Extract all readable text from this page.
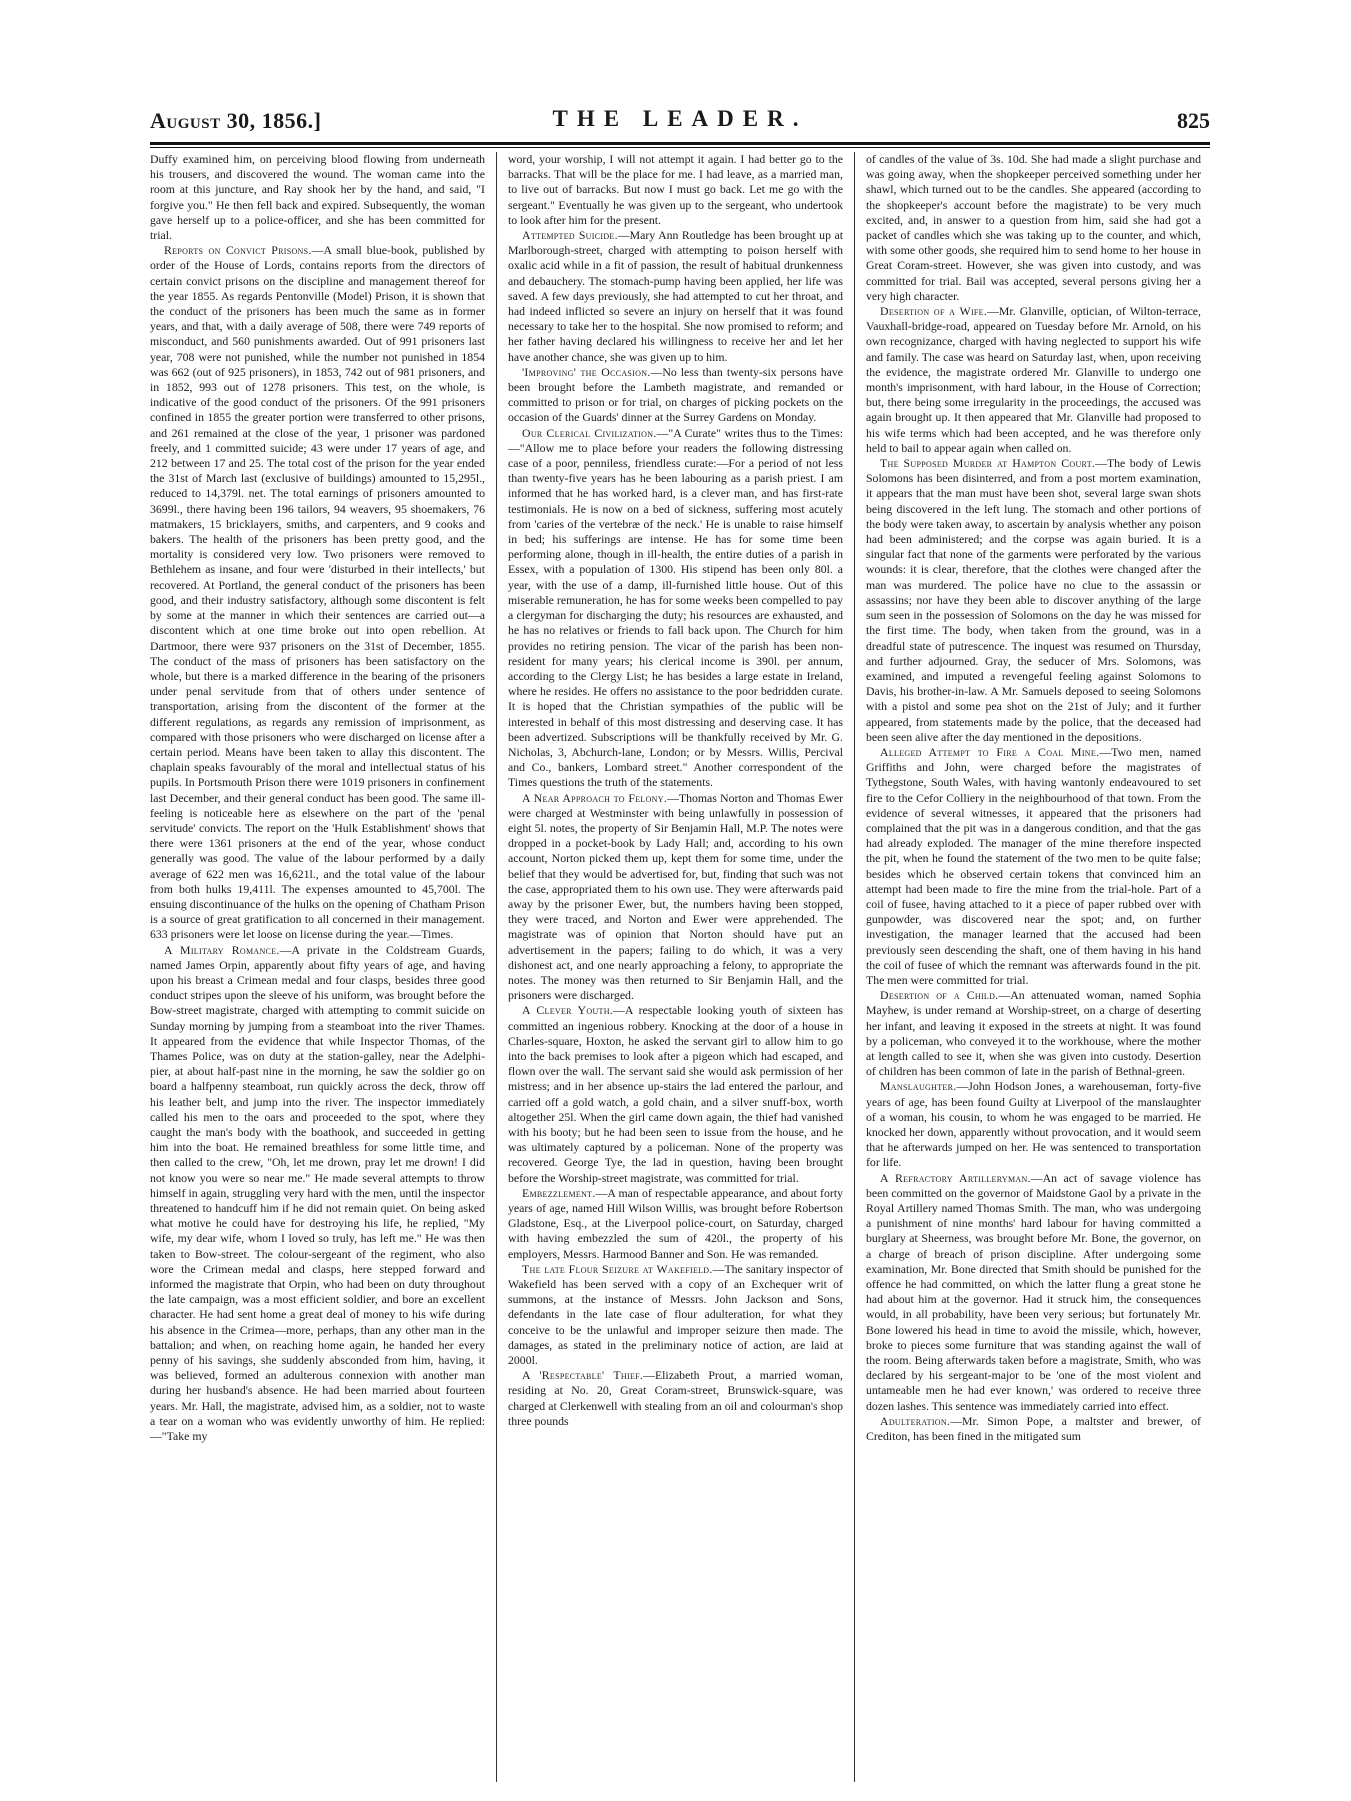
August 30, 1856.]	THE LEADER.	825

Duffy examined him, on perceiving blood flowing from underneath his trousers, and discovered the wound. The woman came into the room at this juncture, and Ray shook her by the hand, and said, "I forgive you." He then fell back and expired. Subsequently, the woman gave herself up to a police-officer, and she has been committed for trial.

Reports on Convict Prisons.—A small blue-book, published by order of the House of Lords, contains reports from the directors of certain convict prisons on the discipline and management thereof for the year 1855. As regards Pentonville (Model) Prison, it is shown that the conduct of the prisoners has been much the same as in former years, and that, with a daily average of 508, there were 749 reports of misconduct, and 560 punishments awarded. Out of 991 prisoners last year, 708 were not punished, while the number not punished in 1854 was 662 (out of 925 prisoners), in 1853, 742 out of 981 prisoners, and in 1852, 993 out of 1278 prisoners. This test, on the whole, is indicative of the good conduct of the prisoners. Of the 991 prisoners confined in 1855 the greater portion were transferred to other prisons, and 261 remained at the close of the year, 1 prisoner was pardoned freely, and 1 committed suicide; 43 were under 17 years of age, and 212 between 17 and 25. The total cost of the prison for the year ended the 31st of March last (exclusive of buildings) amounted to 15,295l., reduced to 14,379l. net. The total earnings of prisoners amounted to 3699l., there having been 196 tailors, 94 weavers, 95 shoemakers, 76 matmakers, 15 bricklayers, smiths, and carpenters, and 9 cooks and bakers. The health of the prisoners has been pretty good, and the mortality is considered very low. Two prisoners were removed to Bethlehem as insane, and four were 'disturbed in their intellects,' but recovered. At Portland, the general conduct of the prisoners has been good, and their industry satisfactory, although some discontent is felt by some at the manner in which their sentences are carried out—a discontent which at one time broke out into open rebellion. At Dartmoor, there were 937 prisoners on the 31st of December, 1855. The conduct of the mass of prisoners has been satisfactory on the whole, but there is a marked difference in the bearing of the prisoners under penal servitude from that of others under sentence of transportation, arising from the discontent of the former at the different regulations, as regards any remission of imprisonment, as compared with those prisoners who were discharged on license after a certain period. Means have been taken to allay this discontent. The chaplain speaks favourably of the moral and intellectual status of his pupils. In Portsmouth Prison there were 1019 prisoners in confinement last December, and their general conduct has been good. The same ill-feeling is noticeable here as elsewhere on the part of the 'penal servitude' convicts. The report on the 'Hulk Establishment' shows that there were 1361 prisoners at the end of the year, whose conduct generally was good. The value of the labour performed by a daily average of 622 men was 16,621l., and the total value of the labour from both hulks 19,411l. The expenses amounted to 45,700l. The ensuing discontinuance of the hulks on the opening of Chatham Prison is a source of great gratification to all concerned in their management. 633 prisoners were let loose on license during the year.—Times.

A Military Romance.—A private in the Coldstream Guards, named James Orpin, apparently about fifty years of age, and having upon his breast a Crimean medal and four clasps, besides three good conduct stripes upon the sleeve of his uniform, was brought before the Bow-street magistrate, charged with attempting to commit suicide on Sunday morning by jumping from a steamboat into the river Thames. It appeared from the evidence that while Inspector Thomas, of the Thames Police, was on duty at the station-galley, near the Adelphi-pier, at about half-past nine in the morning, he saw the soldier go on board a halfpenny steamboat, run quickly across the deck, throw off his leather belt, and jump into the river. The inspector immediately called his men to the oars and proceeded to the spot, where they caught the man's body with the boathook, and succeeded in getting him into the boat. He remained breathless for some little time, and then called to the crew, "Oh, let me drown, pray let me drown! I did not know you were so near me." He made several attempts to throw himself in again, struggling very hard with the men, until the inspector threatened to handcuff him if he did not remain quiet. On being asked what motive he could have for destroying his life, he replied, "My wife, my dear wife, whom I loved so truly, has left me." He was then taken to Bow-street. The colour-sergeant of the regiment, who also wore the Crimean medal and clasps, here stepped forward and informed the magistrate that Orpin, who had been on duty throughout the late campaign, was a most efficient soldier, and bore an excellent character. He had sent home a great deal of money to his wife during his absence in the Crimea—more, perhaps, than any other man in the battalion; and when, on reaching home again, he handed her every penny of his savings, she suddenly absconded from him, having, it was believed, formed an adulterous connexion with another man during her husband's absence. He had been married about fourteen years. Mr. Hall, the magistrate, advised him, as a soldier, not to waste a tear on a woman who was evidently unworthy of him. He replied:—"Take my

word, your worship, I will not attempt it again. I had better go to the barracks. That will be the place for me. I had leave, as a married man, to live out of barracks. But now I must go back. Let me go with the sergeant." Eventually he was given up to the sergeant, who undertook to look after him for the present.

Attempted Suicide.—Mary Ann Routledge has been brought up at Marlborough-street, charged with attempting to poison herself with oxalic acid while in a fit of passion, the result of habitual drunkenness and debauchery. The stomach-pump having been applied, her life was saved. A few days previously, she had attempted to cut her throat, and had indeed inflicted so severe an injury on herself that it was found necessary to take her to the hospital. She now promised to reform; and her father having declared his willingness to receive her and let her have another chance, she was given up to him.

'Improving' the Occasion.—No less than twenty-six persons have been brought before the Lambeth magistrate, and remanded or committed to prison or for trial, on charges of picking pockets on the occasion of the Guards' dinner at the Surrey Gardens on Monday.

Our Clerical Civilization.—"A Curate" writes thus to the Times:—"Allow me to place before your readers the following distressing case of a poor, penniless, friendless curate:—For a period of not less than twenty-five years has he been labouring as a parish priest. I am informed that he has worked hard, is a clever man, and has first-rate testimonials. He is now on a bed of sickness, suffering most acutely from 'caries of the vertebræ of the neck.' He is unable to raise himself in bed; his sufferings are intense. He has for some time been performing alone, though in ill-health, the entire duties of a parish in Essex, with a population of 1300. His stipend has been only 80l. a year, with the use of a damp, ill-furnished little house. Out of this miserable remuneration, he has for some weeks been compelled to pay a clergyman for discharging the duty; his resources are exhausted, and he has no relatives or friends to fall back upon. The Church for him provides no retiring pension. The vicar of the parish has been non-resident for many years; his clerical income is 390l. per annum, according to the Clergy List; he has besides a large estate in Ireland, where he resides. He offers no assistance to the poor bedridden curate. It is hoped that the Christian sympathies of the public will be interested in behalf of this most distressing and deserving case. It has been advertized. Subscriptions will be thankfully received by Mr. G. Nicholas, 3, Abchurch-lane, London; or by Messrs. Willis, Percival and Co., bankers, Lombard street." Another correspondent of the Times questions the truth of the statements.

A Near Approach to Felony.—Thomas Norton and Thomas Ewer were charged at Westminster with being unlawfully in possession of eight 5l. notes, the property of Sir Benjamin Hall, M.P. The notes were dropped in a pocket-book by Lady Hall; and, according to his own account, Norton picked them up, kept them for some time, under the belief that they would be advertised for, but, finding that such was not the case, appropriated them to his own use. They were afterwards paid away by the prisoner Ewer, but, the numbers having been stopped, they were traced, and Norton and Ewer were apprehended. The magistrate was of opinion that Norton should have put an advertisement in the papers; failing to do which, it was a very dishonest act, and one nearly approaching a felony, to appropriate the notes. The money was then returned to Sir Benjamin Hall, and the prisoners were discharged.

A Clever Youth.—A respectable looking youth of sixteen has committed an ingenious robbery. Knocking at the door of a house in Charles-square, Hoxton, he asked the servant girl to allow him to go into the back premises to look after a pigeon which had escaped, and flown over the wall. The servant said she would ask permission of her mistress; and in her absence up-stairs the lad entered the parlour, and carried off a gold watch, a gold chain, and a silver snuff-box, worth altogether 25l. When the girl came down again, the thief had vanished with his booty; but he had been seen to issue from the house, and he was ultimately captured by a policeman. None of the property was recovered. George Tye, the lad in question, having been brought before the Worship-street magistrate, was committed for trial.

Embezzlement.—A man of respectable appearance, and about forty years of age, named Hill Wilson Willis, was brought before Robertson Gladstone, Esq., at the Liverpool police-court, on Saturday, charged with having embezzled the sum of 420l., the property of his employers, Messrs. Harmood Banner and Son. He was remanded.

The late Flour Seizure at Wakefield.—The sanitary inspector of Wakefield has been served with a copy of an Exchequer writ of summons, at the instance of Messrs. John Jackson and Sons, defendants in the late case of flour adulteration, for what they conceive to be the unlawful and improper seizure then made. The damages, as stated in the preliminary notice of action, are laid at 2000l.

A 'Respectable' Thief.—Elizabeth Prout, a married woman, residing at No. 20, Great Coram-street, Brunswick-square, was charged at Clerkenwell with stealing from an oil and colourman's shop three pounds

of candles of the value of 3s. 10d. She had made a slight purchase and was going away, when the shopkeeper perceived something under her shawl, which turned out to be the candles. She appeared (according to the shopkeeper's account before the magistrate) to be very much excited, and, in answer to a question from him, said she had got a packet of candles which she was taking up to the counter, and which, with some other goods, she required him to send home to her house in Great Coram-street. However, she was given into custody, and was committed for trial. Bail was accepted, several persons giving her a very high character.

Desertion of a Wife.—Mr. Glanville, optician, of Wilton-terrace, Vauxhall-bridge-road, appeared on Tuesday before Mr. Arnold, on his own recognizance, charged with having neglected to support his wife and family. The case was heard on Saturday last, when, upon receiving the evidence, the magistrate ordered Mr. Glanville to undergo one month's imprisonment, with hard labour, in the House of Correction; but, there being some irregularity in the proceedings, the accused was again brought up. It then appeared that Mr. Glanville had proposed to his wife terms which had been accepted, and he was therefore only held to bail to appear again when called on.

The Supposed Murder at Hampton Court.—The body of Lewis Solomons has been disinterred, and from a post mortem examination, it appears that the man must have been shot, several large swan shots being discovered in the left lung. The stomach and other portions of the body were taken away, to ascertain by analysis whether any poison had been administered; and the corpse was again buried. It is a singular fact that none of the garments were perforated by the various wounds: it is clear, therefore, that the clothes were changed after the man was murdered. The police have no clue to the assassin or assassins; nor have they been able to discover anything of the large sum seen in the possession of Solomons on the day he was missed for the first time. The body, when taken from the ground, was in a dreadful state of putrescence. The inquest was resumed on Thursday, and further adjourned. Gray, the seducer of Mrs. Solomons, was examined, and imputed a revengeful feeling against Solomons to Davis, his brother-in-law. A Mr. Samuels deposed to seeing Solomons with a pistol and some pea shot on the 21st of July; and it further appeared, from statements made by the police, that the deceased had been seen alive after the day mentioned in the depositions.

Alleged Attempt to Fire a Coal Mine.—Two men, named Griffiths and John, were charged before the magistrates of Tythegstone, South Wales, with having wantonly endeavoured to set fire to the Cefor Colliery in the neighbourhood of that town. From the evidence of several witnesses, it appeared that the prisoners had complained that the pit was in a dangerous condition, and that the gas had already exploded. The manager of the mine therefore inspected the pit, when he found the statement of the two men to be quite false; besides which he observed certain tokens that convinced him an attempt had been made to fire the mine from the trial-hole. Part of a coil of fusee, having attached to it a piece of paper rubbed over with gunpowder, was discovered near the spot; and, on further investigation, the manager learned that the accused had been previously seen descending the shaft, one of them having in his hand the coil of fusee of which the remnant was afterwards found in the pit. The men were committed for trial.

Desertion of a Child.—An attenuated woman, named Sophia Mayhew, is under remand at Worship-street, on a charge of deserting her infant, and leaving it exposed in the streets at night. It was found by a policeman, who conveyed it to the workhouse, where the mother at length called to see it, when she was given into custody. Desertion of children has been common of late in the parish of Bethnal-green.

Manslaughter.—John Hodson Jones, a warehouseman, forty-five years of age, has been found Guilty at Liverpool of the manslaughter of a woman, his cousin, to whom he was engaged to be married. He knocked her down, apparently without provocation, and it would seem that he afterwards jumped on her. He was sentenced to transportation for life.

A Refractory Artilleryman.—An act of savage violence has been committed on the governor of Maidstone Gaol by a private in the Royal Artillery named Thomas Smith. The man, who was undergoing a punishment of nine months' hard labour for having committed a burglary at Sheerness, was brought before Mr. Bone, the governor, on a charge of breach of prison discipline. After undergoing some examination, Mr. Bone directed that Smith should be punished for the offence he had committed, on which the latter flung a great stone he had about him at the governor. Had it struck him, the consequences would, in all probability, have been very serious; but fortunately Mr. Bone lowered his head in time to avoid the missile, which, however, broke to pieces some furniture that was standing against the wall of the room. Being afterwards taken before a magistrate, Smith, who was declared by his sergeant-major to be 'one of the most violent and untameable men he had ever known,' was ordered to receive three dozen lashes. This sentence was immediately carried into effect.

Adulteration.—Mr. Simon Pope, a maltster and brewer, of Crediton, has been fined in the mitigated sum
